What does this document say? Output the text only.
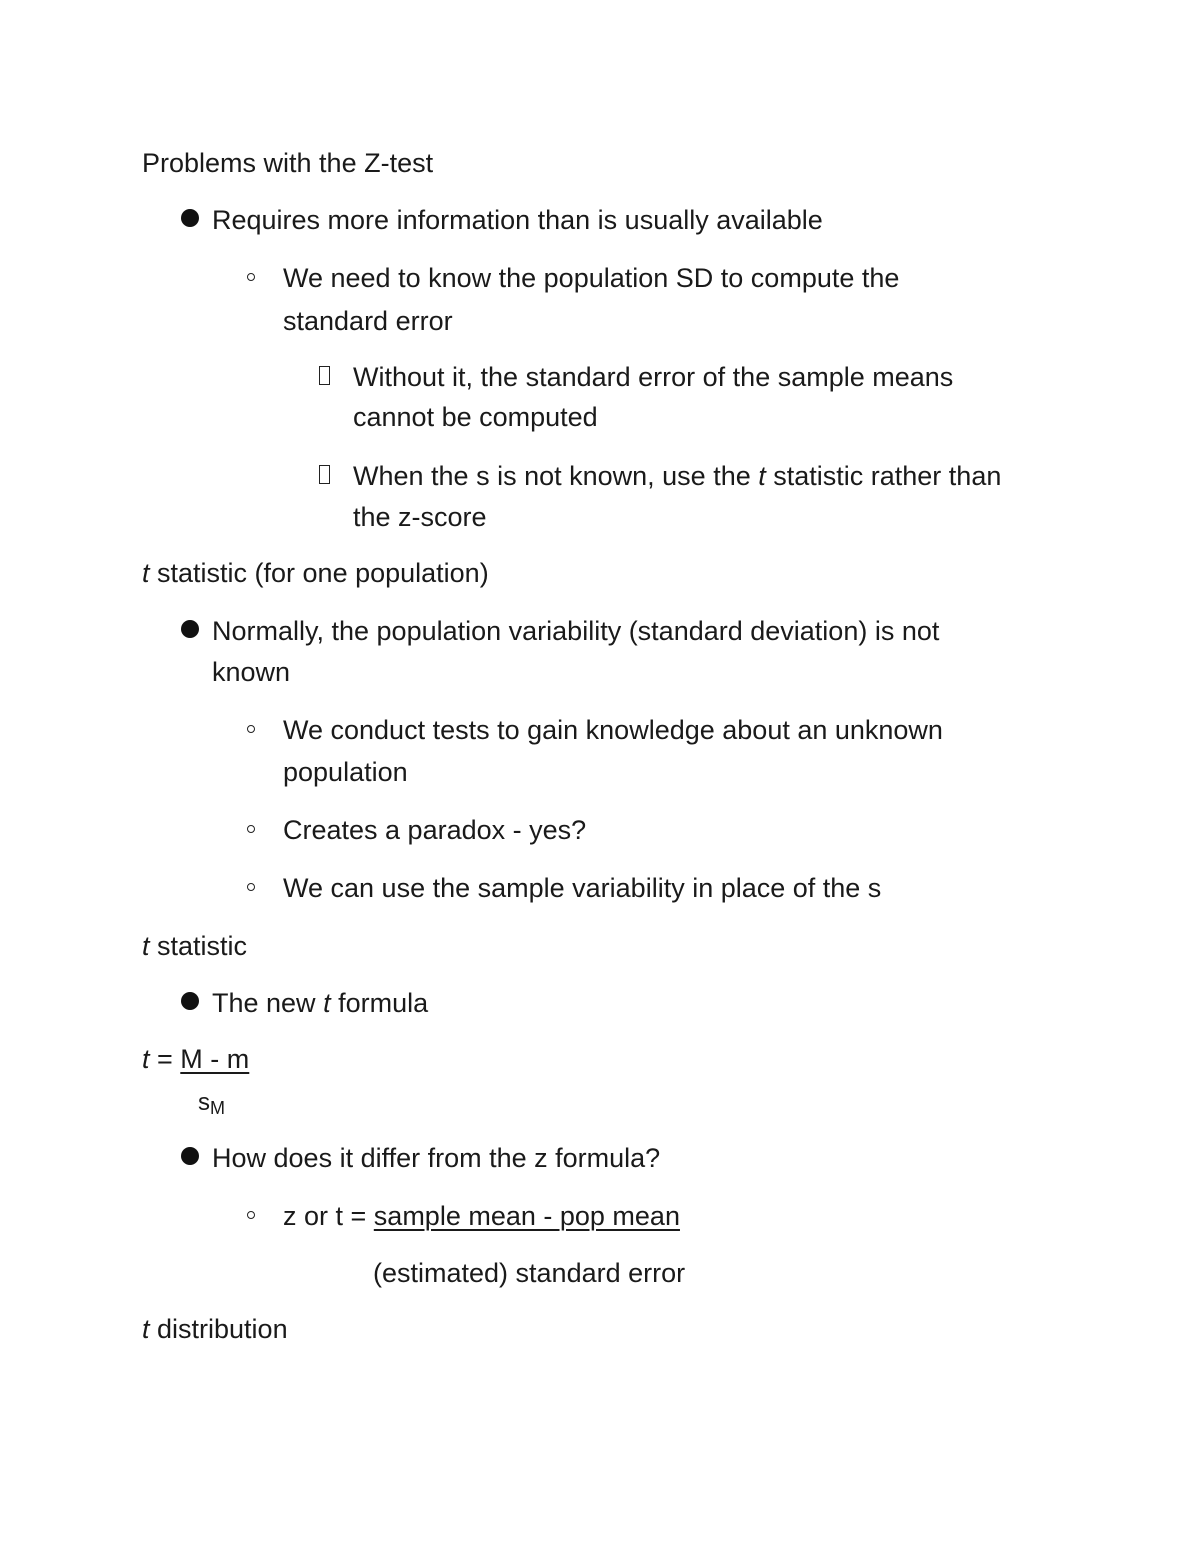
Problems with the Z-test
Requires more information than is usually available
We need to know the population SD to compute the
standard error
Without it, the standard error of the sample means
cannot be computed
When the s is not known, use the t statistic rather than
the z-score
t statistic (for one population)
Normally, the population variability (standard deviation) is not
known
We conduct tests to gain knowledge about an unknown
population
Creates a paradox - yes?
We can use the sample variability in place of the s
t statistic
The new t formula
t = M - m
sM
How does it differ from the z formula?
z or t = sample mean - pop mean
(estimated) standard error
t distribution
